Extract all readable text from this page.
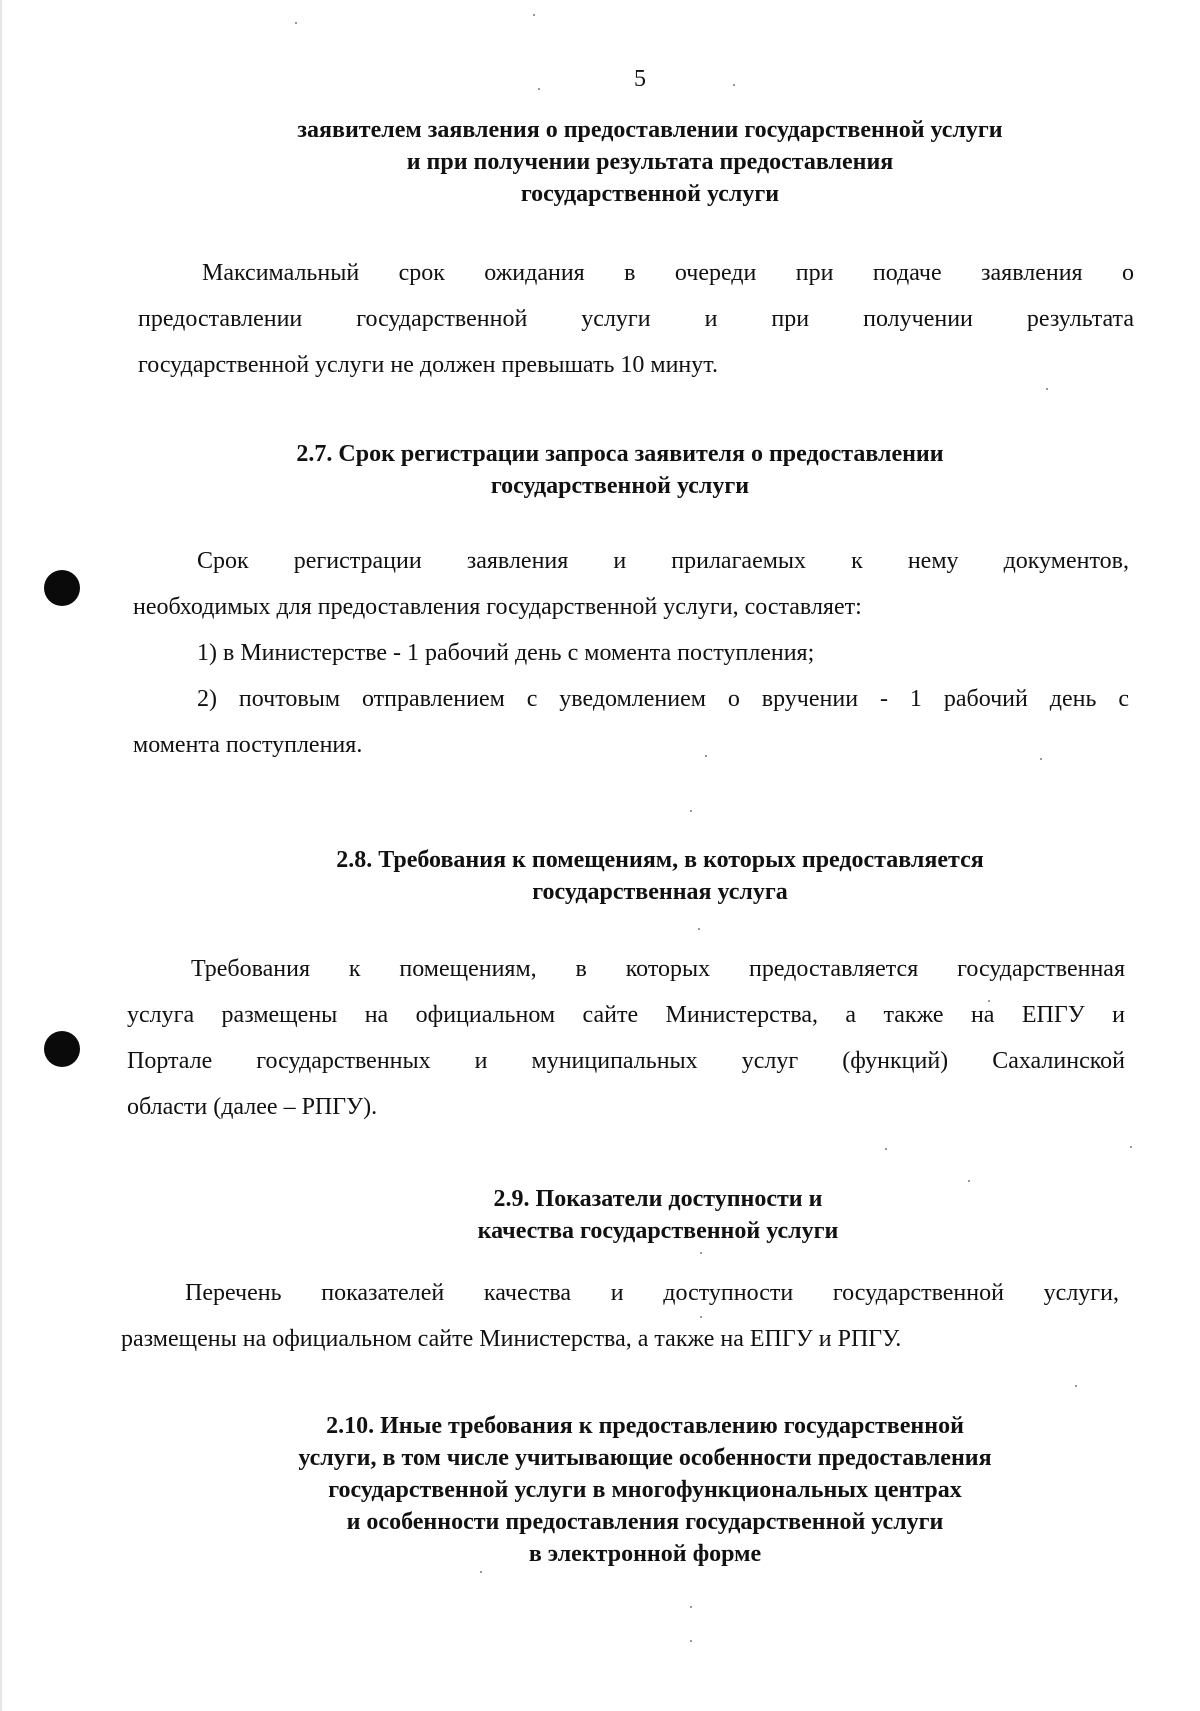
5
заявителем заявления о предоставлении государственной услуги
и при получении результата предоставления
государственной услуги
Максимальный срок ожидания в очереди при подаче заявления о
предоставлении государственной услуги и при получении результата
государственной услуги не должен превышать 10 минут.
2.7. Срок регистрации запроса заявителя о предоставлении
государственной услуги
Срок регистрации заявления и прилагаемых к нему документов,
необходимых для предоставления государственной услуги, составляет:
1) в Министерстве - 1 рабочий день с момента поступления;
2) почтовым отправлением с уведомлением о вручении - 1 рабочий день с
момента поступления.
2.8. Требования к помещениям, в которых предоставляется
государственная услуга
Требования к помещениям, в которых предоставляется государственная
услуга размещены на официальном сайте Министерства, а также на ЕПГУ и
Портале государственных и муниципальных услуг (функций) Сахалинской
области (далее – РПГУ).
2.9. Показатели доступности и
качества государственной услуги
Перечень показателей качества и доступности государственной услуги,
размещены на официальном сайте Министерства, а также на ЕПГУ и РПГУ.
2.10. Иные требования к предоставлению государственной
услуги, в том числе учитывающие особенности предоставления
государственной услуги в многофункциональных центрах
и особенности предоставления государственной услуги
в электронной форме
